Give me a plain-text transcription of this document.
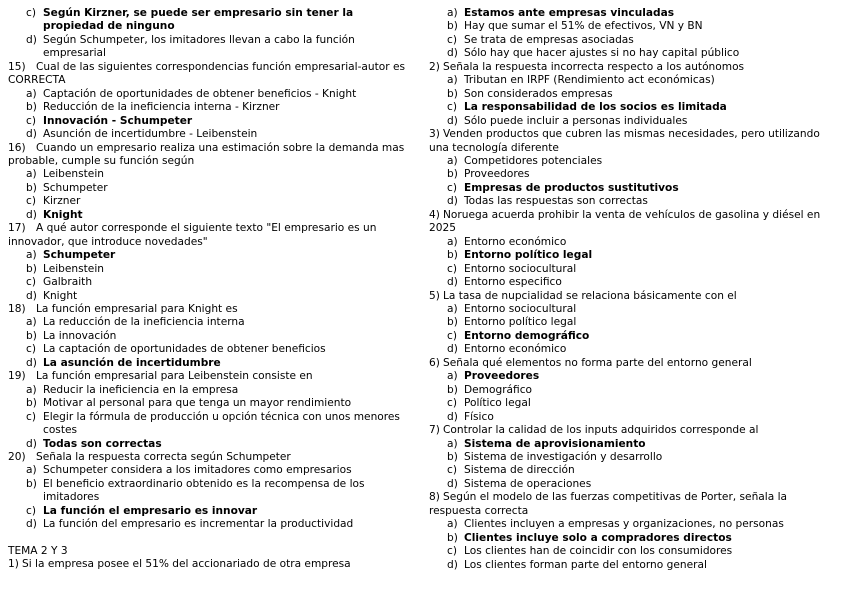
c) Según Kirzner, se puede ser empresario sin tener la propiedad de ninguno
d) Según Schumpeter, los imitadores llevan a cabo la función empresarial
15) Cual de las siguientes correspondencias función empresarial-autor es CORRECTA
a) Captación de oportunidades de obtener beneficios - Knight
b) Reducción de la ineficiencia interna - Kirzner
c) Innovación - Schumpeter
d) Asunción de incertidumbre - Leibenstein
16) Cuando un empresario realiza una estimación sobre la demanda mas probable, cumple su función según
a) Leibenstein
b) Schumpeter
c) Kirzner
d) Knight
17) A qué autor corresponde el siguiente texto "El empresario es un innovador, que introduce novedades"
a) Schumpeter
b) Leibenstein
c) Galbraith
d) Knight
18) La función empresarial para Knight es
a) La reducción de la ineficiencia interna
b) La innovación
c) La captación de oportunidades de obtener beneficios
d) La asunción de incertidumbre
19) La función empresarial para Leibenstein consiste en
a) Reducir la ineficiencia en la empresa
b) Motivar al personal para que tenga un mayor rendimiento
c) Elegir la fórmula de producción u opción técnica con unos menores costes
d) Todas son correctas
20) Señala la respuesta correcta según Schumpeter
a) Schumpeter considera a los imitadores como empresarios
b) El beneficio extraordinario obtenido es la recompensa de los imitadores
c) La función el empresario es innovar
d) La función del empresario es incrementar la productividad
TEMA 2 Y 3
1) Si la empresa posee el 51% del accionariado de otra empresa
a) Estamos ante empresas vinculadas
b) Hay que sumar el 51% de efectivos, VN y BN
c) Se trata de empresas asociadas
d) Sólo hay que hacer ajustes si no hay capital público
2) Señala la respuesta incorrecta respecto a los autónomos
a) Tributan en IRPF (Rendimiento act económicas)
b) Son considerados empresas
c) La responsabilidad de los socios es limitada
d) Sólo puede incluir a personas individuales
3) Venden productos que cubren las mismas necesidades, pero utilizando una tecnología diferente
a) Competidores potenciales
b) Proveedores
c) Empresas de productos sustitutivos
d) Todas las respuestas son correctas
4) Noruega acuerda prohibir la venta de vehículos de gasolina y diésel en 2025
a) Entorno económico
b) Entorno político legal
c) Entorno sociocultural
d) Entorno especifico
5) La tasa de nupcialidad se relaciona básicamente con el
a) Entorno sociocultural
b) Entorno político legal
c) Entorno demográfico
d) Entorno económico
6) Señala qué elementos no forma parte del entorno general
a) Proveedores
b) Demográfico
c) Político legal
d) Físico
7) Controlar la calidad de los inputs adquiridos corresponde al
a) Sistema de aprovisionamiento
b) Sistema de investigación y desarrollo
c) Sistema de dirección
d) Sistema de operaciones
8) Según el modelo de las fuerzas competitivas de Porter, señala la respuesta correcta
a) Clientes incluyen a empresas y organizaciones, no personas
b) Clientes incluye solo a compradores directos
c) Los clientes han de coincidir con los consumidores
d) Los clientes forman parte del entorno general
